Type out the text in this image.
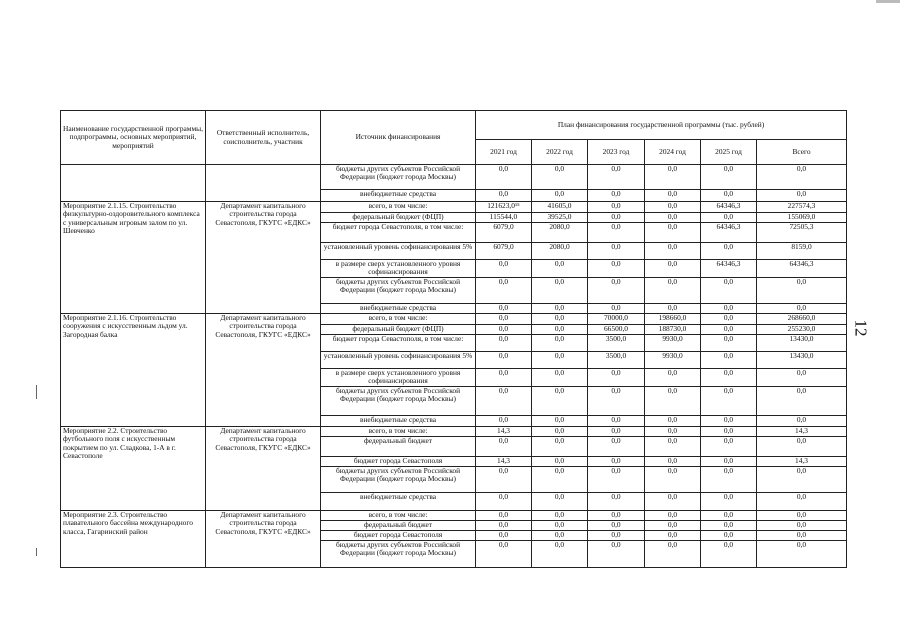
12
Наименование государственной программы, подпрограммы, основных мероприятий, мероприятий	Ответственный исполнитель, соисполнитель, участник	Источник финансирования	План финансирования государственной программы (тыс. рублей)					
			2021 год	2022 год	2023 год	2024 год	2025 год	Всего
		бюджеты других субъектов Российской Федерации (бюджет города Москвы)	0,0	0,0	0,0	0,0	0,0	0,0
		внебюджетные средства	0,0	0,0	0,0	0,0	0,0	0,0
Мероприятие 2.1.15. Строительство физкультурно-оздоровительного комплекса с универсальным игровым залом по ул. Шевченко	Департамент капитального строительства города Севастополя, ГКУГС «ЕДКС»	всего, в том числе:	121623,0¹⁵	41605,0	0,0	0,0	64346,3	227574,3
		федеральный бюджет (ФЦП)	115544,0	39525,0	0,0	0,0	0,0	155069,0
		бюджет города Севастополя, в том числе:	6079,0	2080,0	0,0	0,0	64346,3	72505,3
		установленный уровень софинансирования 5%	6079,0	2080,0	0,0	0,0	0,0	8159,0
		в размере сверх установленного уровня софинансирования	0,0	0,0	0,0	0,0	64346,3	64346,3
		бюджеты других субъектов Российской Федерации (бюджет города Москвы)	0,0	0,0	0,0	0,0	0,0	0,0
		внебюджетные средства	0,0	0,0	0,0	0,0	0,0	0,0
Мероприятие 2.1.16. Строительство сооружения с искусственным льдом ул. Загородная балка	Департамент капитального строительства города Севастополя, ГКУГС «ЕДКС»	всего, в том числе:	0,0	0,0	70000,0	198660,0	0,0	268660,0
		федеральный бюджет (ФЦП)	0,0	0,0	66500,0	188730,0	0,0	255230,0
		бюджет города Севастополя, в том числе:	0,0	0,0	3500,0	9930,0	0,0	13430,0
		установленный уровень софинансирования 5%	0,0	0,0	3500,0	9930,0	0,0	13430,0
		в размере сверх установленного уровня софинансирования	0,0	0,0	0,0	0,0	0,0	0,0
		бюджеты других субъектов Российской Федерации (бюджет города Москвы)	0,0	0,0	0,0	0,0	0,0	0,0
		внебюджетные средства	0,0	0,0	0,0	0,0	0,0	0,0
Мероприятие 2.2. Строительство футбольного поля с искусственным покрытием по ул. Сладкова, 1-А в г. Севастополе	Департамент капитального строительства города Севастополя, ГКУГС «ЕДКС»	всего, в том числе:	14,3	0,0	0,0	0,0	0,0	14,3
		федеральный бюджет	0,0	0,0	0,0	0,0	0,0	0,0
		бюджет города Севастополя	14,3	0,0	0,0	0,0	0,0	14,3
		бюджеты других субъектов Российской Федерации (бюджет города Москвы)	0,0	0,0	0,0	0,0	0,0	0,0
		внебюджетные средства	0,0	0,0	0,0	0,0	0,0	0,0
Мероприятие 2.3. Строительство плавательного бассейна международного класса, Гагаринский район	Департамент капитального строительства города Севастополя, ГКУГС «ЕДКС»	всего, в том числе:	0,0	0,0	0,0	0,0	0,0	0,0
		федеральный бюджет	0,0	0,0	0,0	0,0	0,0	0,0
		бюджет города Севастополя	0,0	0,0	0,0	0,0	0,0	0,0
		бюджеты других субъектов Российской Федерации (бюджет города Москвы)	0,0	0,0	0,0	0,0	0,0	0,0
